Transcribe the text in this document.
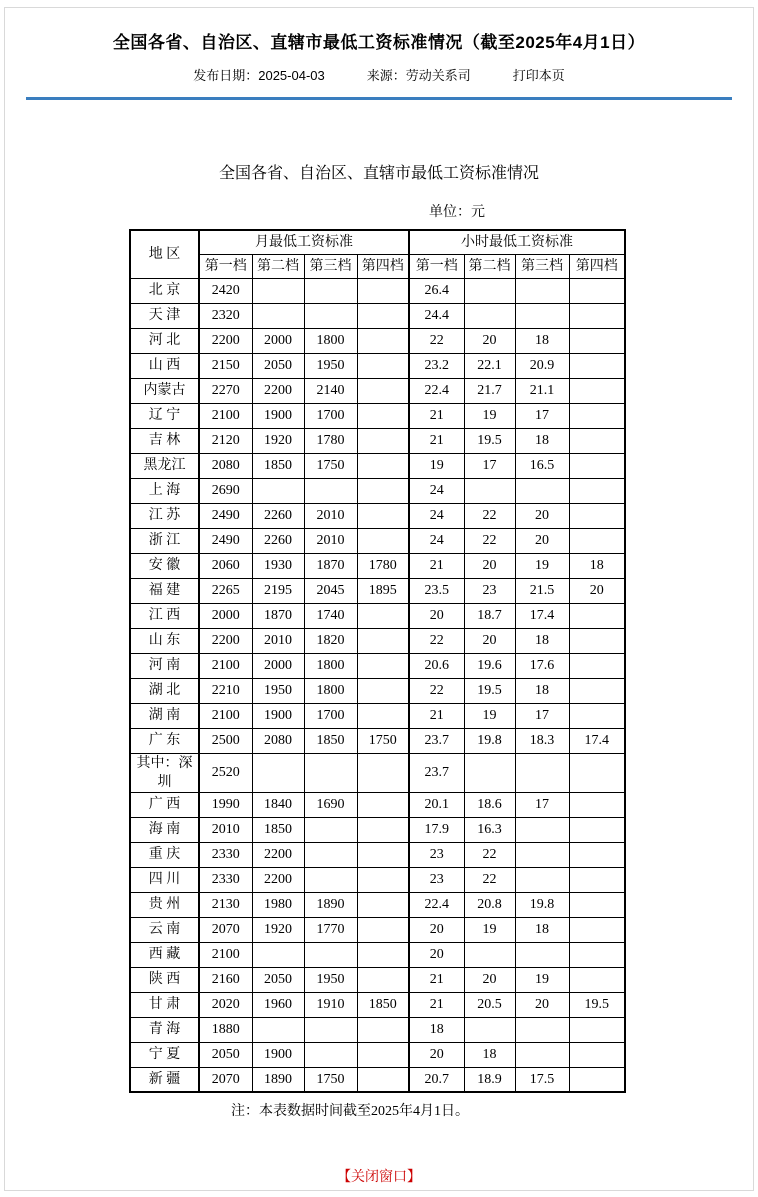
全国各省、自治区、直辖市最低工资标准情况（截至2025年4月1日）
发布日期：2025-04-03	来源：劳动关系司	打印本页
全国各省、自治区、直辖市最低工资标准情况
单位：元
地 区	月最低工资标准				小时最低工资标准			
	第一档	第二档	第三档	第四档	第一档	第二档	第三档	第四档
北 京	2420				26.4			
天 津	2320				24.4			
河 北	2200	2000	1800		22	20	18	
山 西	2150	2050	1950		23.2	22.1	20.9	
内蒙古	2270	2200	2140		22.4	21.7	21.1	
辽 宁	2100	1900	1700		21	19	17	
吉 林	2120	1920	1780		21	19.5	18	
黑龙江	2080	1850	1750		19	17	16.5	
上 海	2690				24			
江 苏	2490	2260	2010		24	22	20	
浙 江	2490	2260	2010		24	22	20	
安 徽	2060	1930	1870	1780	21	20	19	18
福 建	2265	2195	2045	1895	23.5	23	21.5	20
江 西	2000	1870	1740		20	18.7	17.4	
山 东	2200	2010	1820		22	20	18	
河 南	2100	2000	1800		20.6	19.6	17.6	
湖 北	2210	1950	1800		22	19.5	18	
湖 南	2100	1900	1700		21	19	17	
广 东	2500	2080	1850	1750	23.7	19.8	18.3	17.4
其中：深圳	2520				23.7			
广 西	1990	1840	1690		20.1	18.6	17	
海 南	2010	1850			17.9	16.3		
重 庆	2330	2200			23	22		
四 川	2330	2200			23	22		
贵 州	2130	1980	1890		22.4	20.8	19.8	
云 南	2070	1920	1770		20	19	18	
西 藏	2100				20			
陕 西	2160	2050	1950		21	20	19	
甘 肃	2020	1960	1910	1850	21	20.5	20	19.5
青 海	1880				18			
宁 夏	2050	1900			20	18		
新 疆	2070	1890	1750		20.7	18.9	17.5	
注：本表数据时间截至2025年4月1日。
【关闭窗口】
